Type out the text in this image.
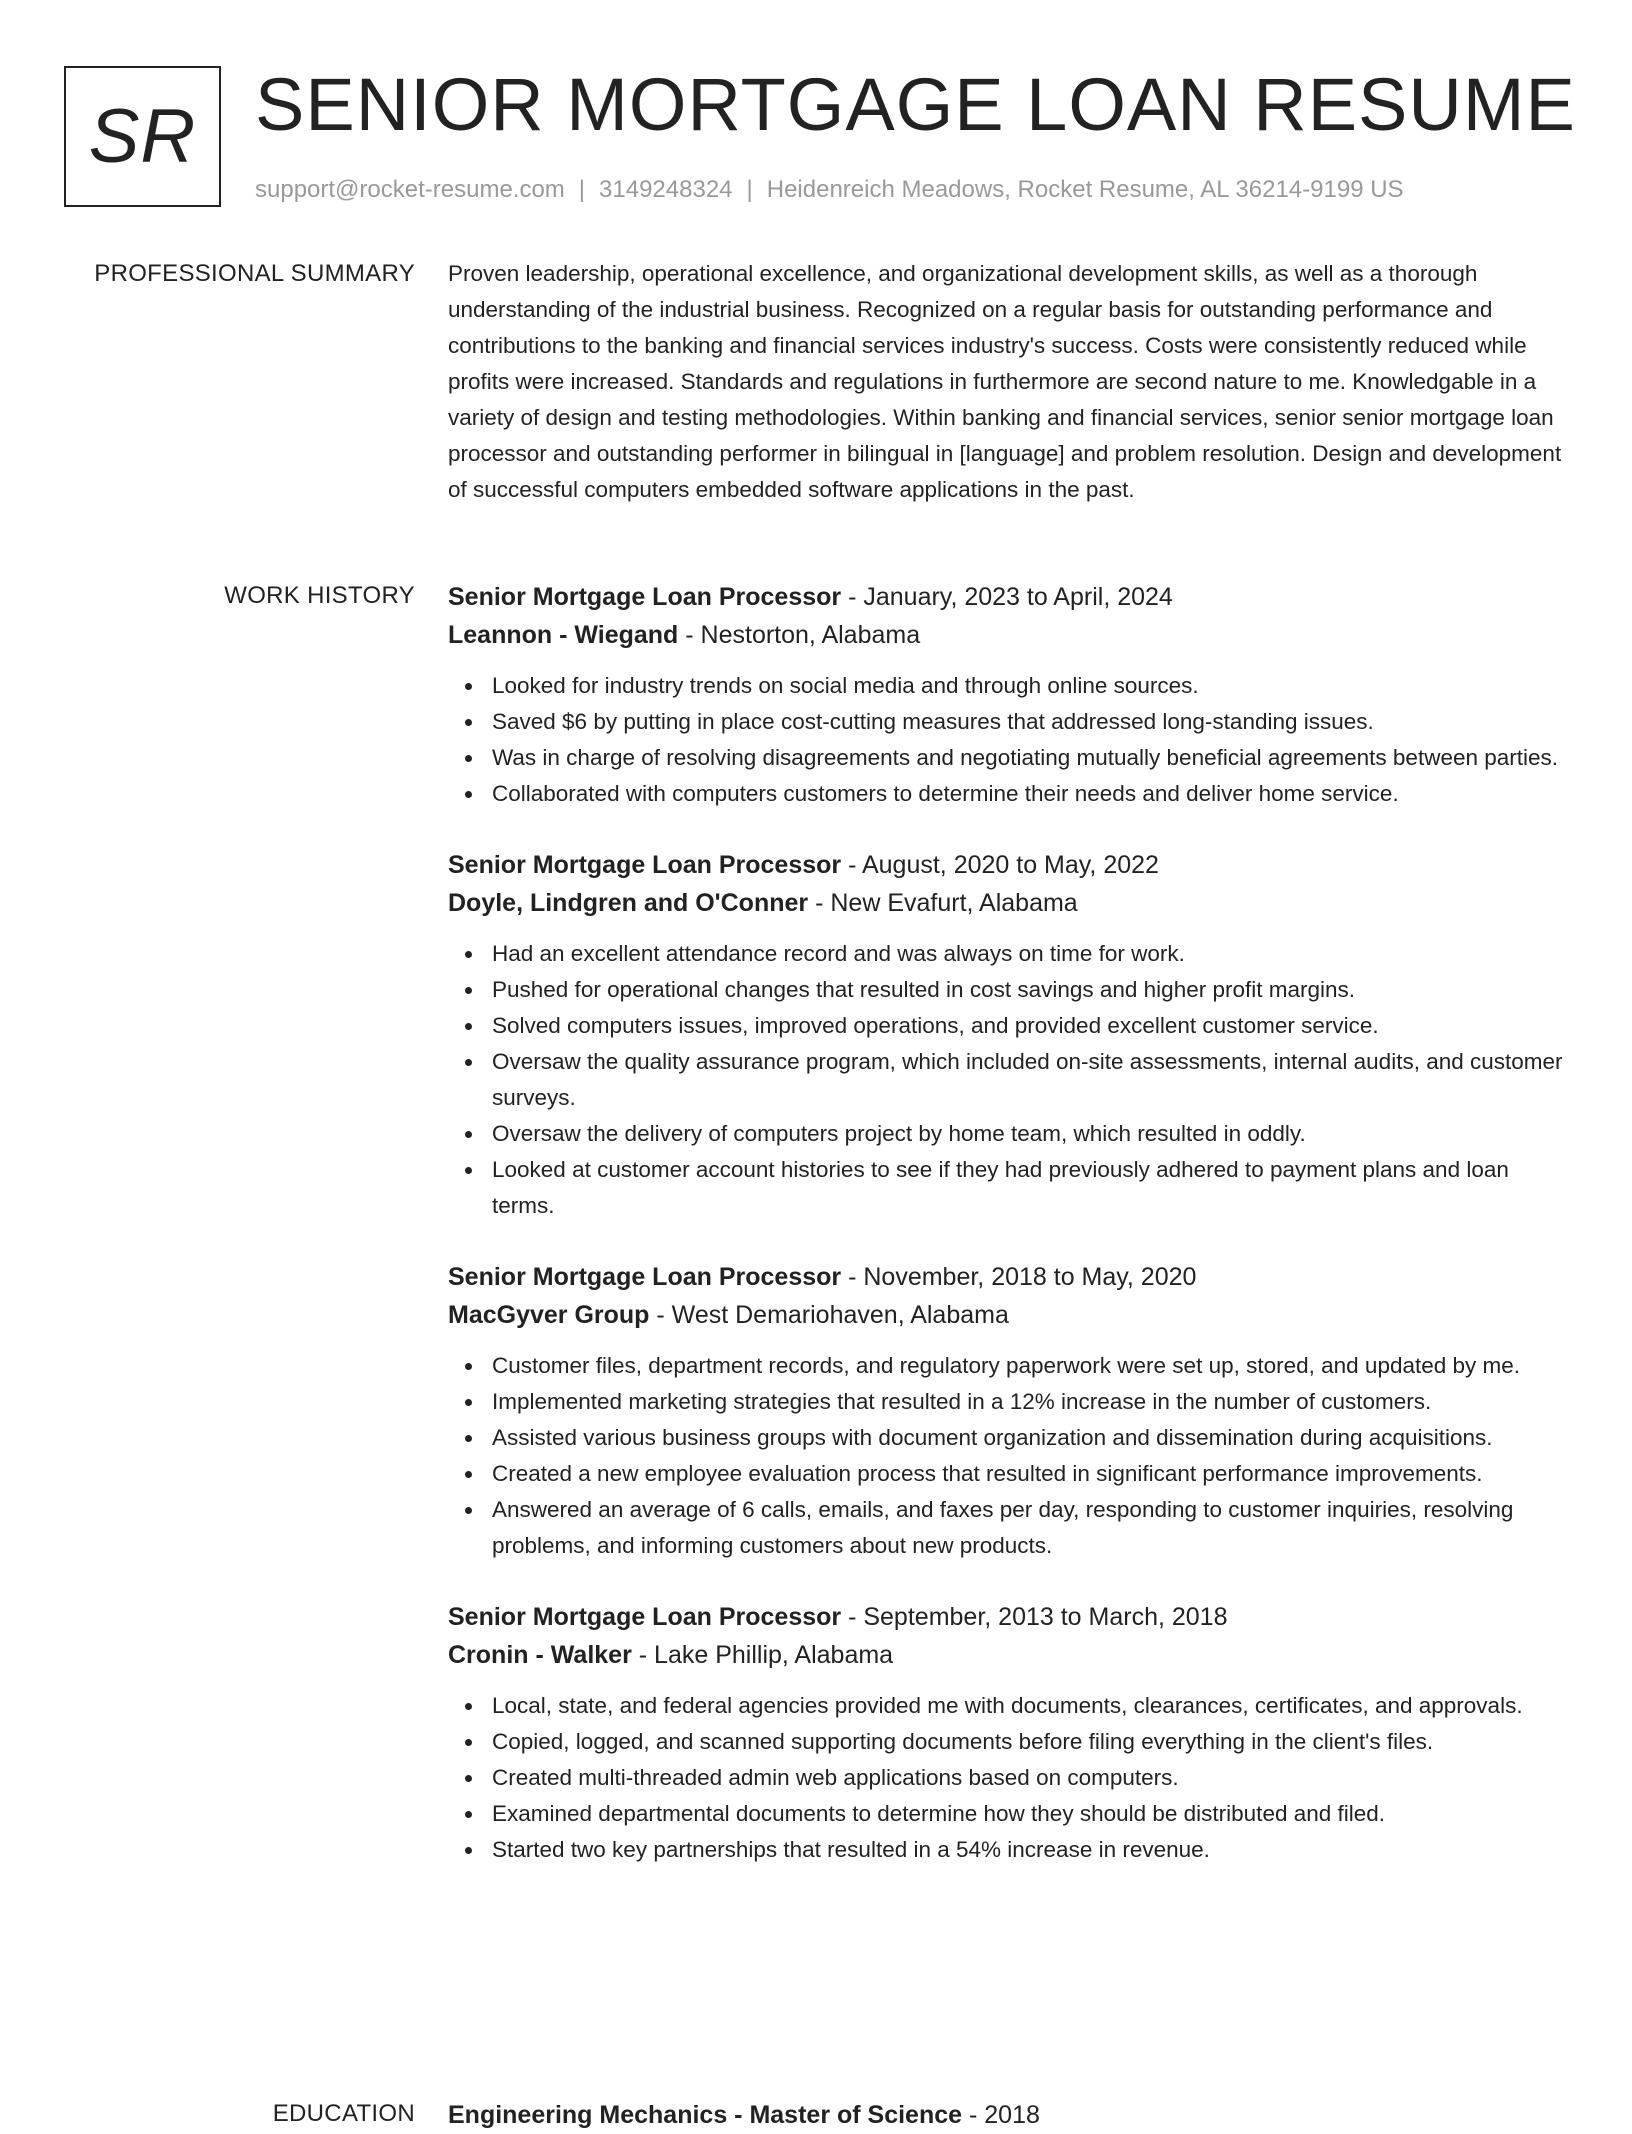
SR SENIOR MORTGAGE LOAN RESUME
support@rocket-resume.com | 3149248324 | Heidenreich Meadows, Rocket Resume, AL 36214-9199 US
PROFESSIONAL SUMMARY Proven leadership, operational excellence, and organizational development skills, as well as a thorough understanding of the industrial business. Recognized on a regular basis for outstanding performance and contributions to the banking and financial services industry's success. Costs were consistently reduced while profits were increased. Standards and regulations in furthermore are second nature to me. Knowledgable in a variety of design and testing methodologies. Within banking and financial services, senior senior mortgage loan processor and outstanding performer in bilingual in [language] and problem resolution. Design and development of successful computers embedded software applications in the past.

WORK HISTORY Senior Mortgage Loan Processor - January, 2023 to April, 2024
Leannon - Wiegand - Nestorton, Alabama
Looked for industry trends on social media and through online sources.
Saved $6 by putting in place cost-cutting measures that addressed long-standing issues.
Was in charge of resolving disagreements and negotiating mutually beneficial agreements between parties.
Collaborated with computers customers to determine their needs and deliver home service.
Senior Mortgage Loan Processor - August, 2020 to May, 2022
Doyle, Lindgren and O'Conner - New Evafurt, Alabama
Had an excellent attendance record and was always on time for work.
Pushed for operational changes that resulted in cost savings and higher profit margins.
Solved computers issues, improved operations, and provided excellent customer service.
Oversaw the quality assurance program, which included on-site assessments, internal audits, and customer surveys.
Oversaw the delivery of computers project by home team, which resulted in oddly.
Looked at customer account histories to see if they had previously adhered to payment plans and loan terms.
Senior Mortgage Loan Processor - November, 2018 to May, 2020
MacGyver Group - West Demariohaven, Alabama
Customer files, department records, and regulatory paperwork were set up, stored, and updated by me.
Implemented marketing strategies that resulted in a 12% increase in the number of customers.
Assisted various business groups with document organization and dissemination during acquisitions.
Created a new employee evaluation process that resulted in significant performance improvements.
Answered an average of 6 calls, emails, and faxes per day, responding to customer inquiries, resolving problems, and informing customers about new products.
Senior Mortgage Loan Processor - September, 2013 to March, 2018
Cronin - Walker - Lake Phillip, Alabama
Local, state, and federal agencies provided me with documents, clearances, certificates, and approvals.
Copied, logged, and scanned supporting documents before filing everything in the client's files.
Created multi-threaded admin web applications based on computers.
Examined departmental documents to determine how they should be distributed and filed.
Started two key partnerships that resulted in a 54% increase in revenue.
EDUCATION Engineering Mechanics - Master of Science - 2018
